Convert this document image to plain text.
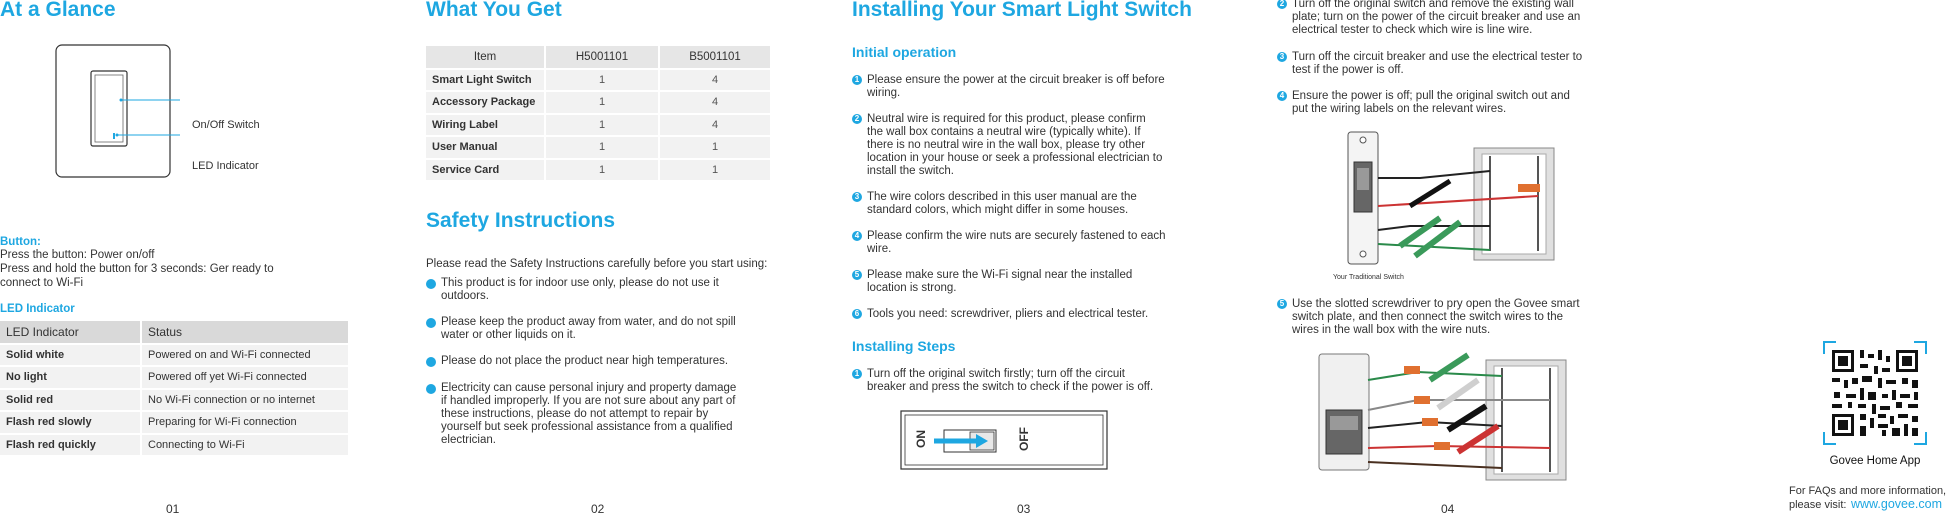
At a Glance
On/Off Switch
LED Indicator
Button:
Press the button: Power on/off
Press and hold the button for 3 seconds: Ger ready to
connect to Wi-Fi
LED Indicator
LED Indicator	Status
Solid white	Powered on and Wi-Fi connected
No light	Powered off yet Wi-Fi connected
Solid red	No Wi-Fi connection or no internet
Flash red slowly	Preparing for Wi-Fi connection
Flash red quickly	Connecting to Wi-Fi
01
What You Get
Item	H5001101	B5001101
Smart Light Switch	1	4
Accessory Package	1	4
Wiring Label	1	4
User Manual	1	1
Service Card	1	1
Safety Instructions
Please read the Safety Instructions carefully before you start using:
This product is for indoor use only, please do not use it
outdoors.
Please keep the product away from water, and do not spill
water or other liquids on it.
Please do not place the product near high temperatures.
Electricity can cause personal injury and property damage
if handled improperly. If you are not sure about any part of
these instructions, please do not attempt to repair by
yourself but seek professional assistance from a qualified
electrician.
02
Installing Your Smart Light Switch
Initial operation
1 Please ensure the power at the circuit breaker is off before
wiring.
2 Neutral wire is required for this product, please confirm
the wall box contains a neutral wire (typically white). If
there is no neutral wire in the wall box, please try other
location in your house or seek a professional electrician to
install the switch.
3 The wire colors described in this user manual are the
standard colors, which might differ in some houses.
4 Please confirm the wire nuts are securely fastened to each
wire.
5 Please make sure the Wi-Fi signal near the installed
location is strong.
6 Tools you need: screwdriver, pliers and electrical tester.
Installing Steps
1 Turn off the original switch firstly; turn off the circuit
breaker and press the switch to check if the power is off.
ON	OFF
03
2 Turn off the original switch and remove the existing wall
plate; turn on the power of the circuit breaker and use an
electrical tester to check which wire is line wire.
3 Turn off the circuit breaker and use the electrical tester to
test if the power is off.
4 Ensure the power is off; pull the original switch out and
put the wiring labels on the relevant wires.
Your Traditional Switch
5 Use the slotted screwdriver to pry open the Govee smart
switch plate, and then connect the switch wires to the
wires in the wall box with the wire nuts.
04
Govee Home App
For FAQs and more information,
please visit: www.govee.com
